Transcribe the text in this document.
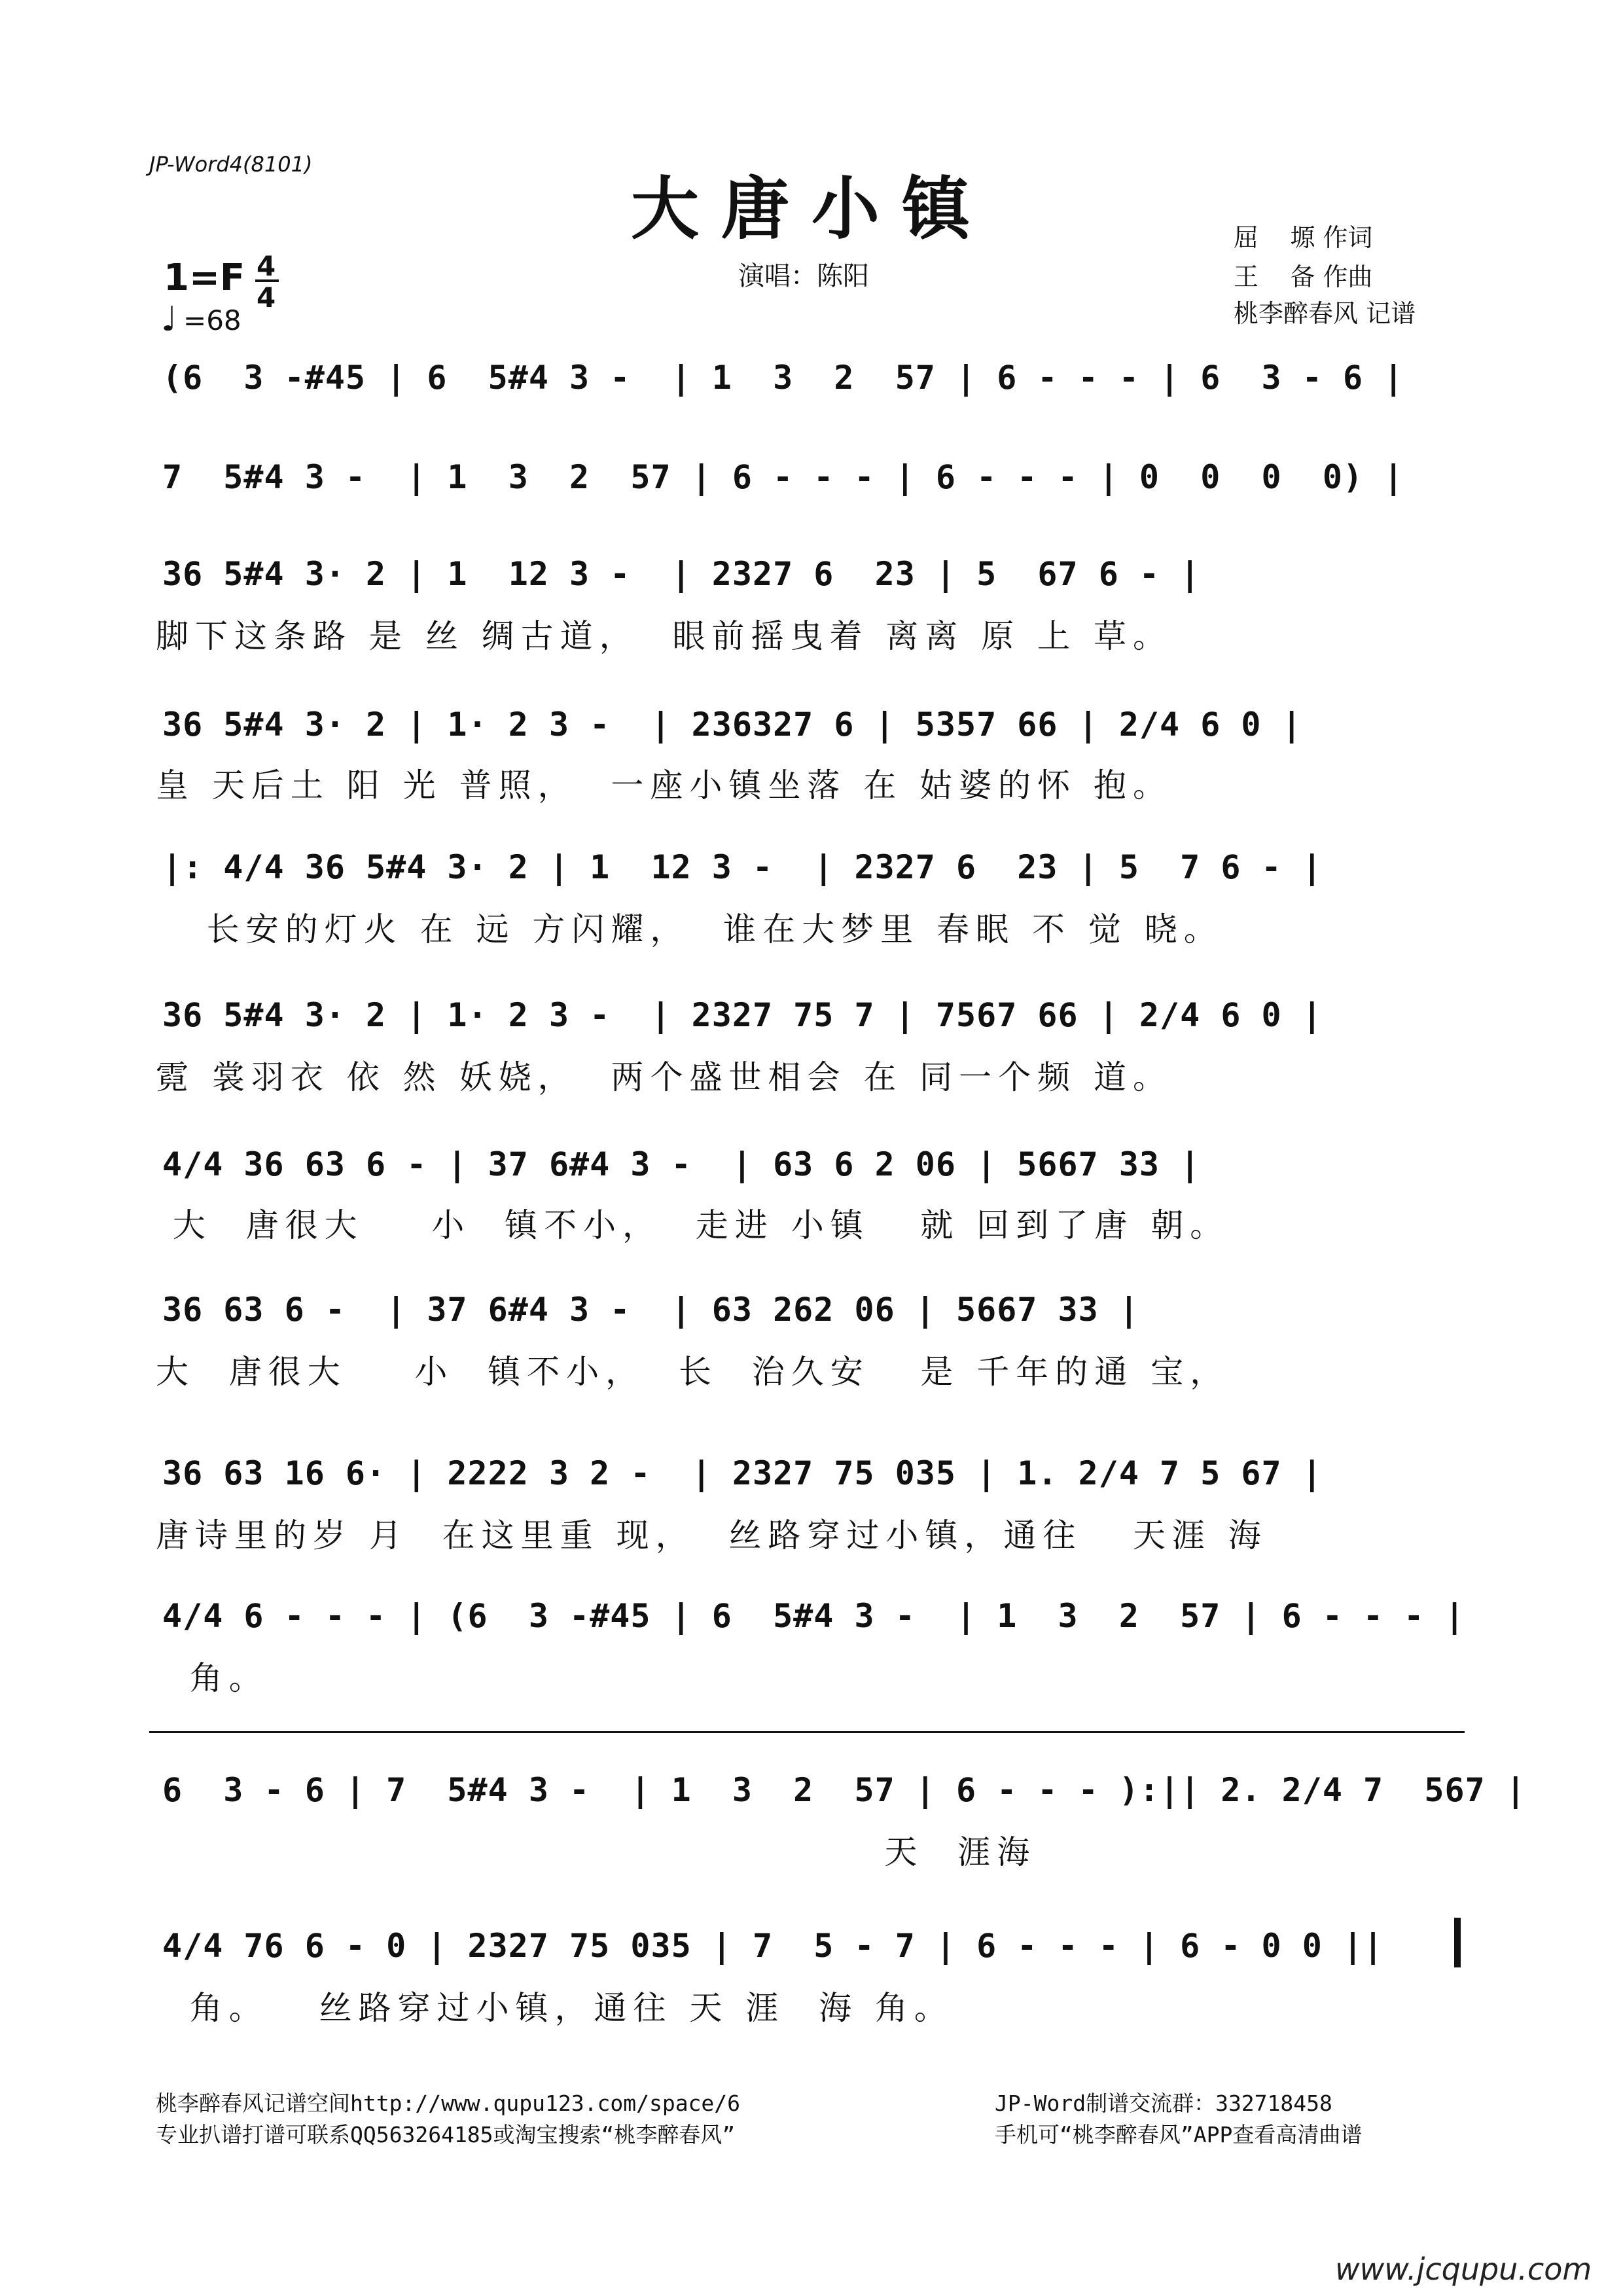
JP-Word4(8101)
大唐小镇
1=F 4
4
♩ =68
演唱：陈阳
屈    塬 作词
王    备 作曲
桃李醉春风 记谱
(6  3 -#45 | 6  5#4 3 -  | 1  3  2  57 | 6 - - - | 6  3 - 6 |
7  5#4 3 -  | 1  3  2  57 | 6 - - - | 6 - - - | 0  0  0  0) |
36 5#4 3· 2 | 1  12 3 -  | 2327 6  23 | 5  67 6 - |
脚下这条路 是 丝 绸古道，  眼前摇曳着 离离 原 上 草。
36 5#4 3· 2 | 1· 2 3 -  | 236327 6 | 5357 66 | 2/4 6 0 |
皇 天后土 阳 光 普照，  一座小镇坐落 在 姑婆的怀 抱。
|: 4/4 36 5#4 3· 2 | 1  12 3 -  | 2327 6  23 | 5  7 6 - |
长安的灯火 在 远 方闪耀，  谁在大梦里 春眠 不 觉 晓。
36 5#4 3· 2 | 1· 2 3 -  | 2327 75 7 | 7567 66 | 2/4 6 0 |
霓 裳羽衣 依 然 妖娆，  两个盛世相会 在 同一个频 道。
4/4 36 63 6 - | 37 6#4 3 -  | 63 6 2 06 | 5667 33 |
大  唐很大    小  镇不小，  走进 小镇   就 回到了唐 朝。
36 63 6 -  | 37 6#4 3 -  | 63 262 06 | 5667 33 |
大  唐很大    小  镇不小，  长  治久安   是 千年的通 宝，
36 63 16 6· | 2222 3 2 -  | 2327 75 035 | 1. 2/4 7 5 67 |
唐诗里的岁 月  在这里重 现，  丝路穿过小镇，通往   天涯 海
4/4 6 - - - | (6  3 -#45 | 6  5#4 3 -  | 1  3  2  57 | 6 - - - |
角。
6  3 - 6 | 7  5#4 3 -  | 1  3  2  57 | 6 - - - ):|| 2. 2/4 7  567 |
天  涯海
4/4 76 6 - 0 | 2327 75 035 | 7  5 - 7 | 6 - - - | 6 - 0 0 ||
角。   丝路穿过小镇，通往 天 涯  海 角。
桃李醉春风记谱空间http://www.qupu123.com/space/6
专业扒谱打谱可联系QQ563264185或淘宝搜索“桃李醉春风”
JP-Word制谱交流群：332718458
手机可“桃李醉春风”APP查看高清曲谱
www.jcqupu.com
